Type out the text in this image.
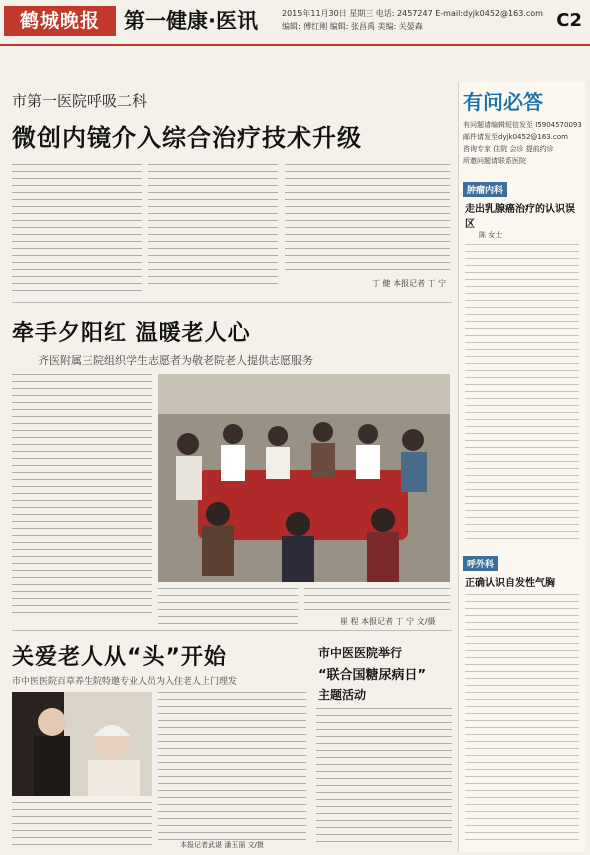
鹤城晚报	第一健康·医讯	2015年11月30日 星期三 电话: 2457247 E-mail:dyjk0452@163.com
编辑: 傅红刚 编辑: 张昌禹 美编: 关晏森	C2
市第一医院呼吸二科
微创内镜介入综合治疗技术升级
丁 健 本报记者 丁 宁
牵手夕阳红 温暖老人心
齐医附属三院组织学生志愿者为敬老院老人提供志愿服务
崔 程 本报记者 丁 宁 文/摄
关爱老人从“头”开始
市中医医院百草养生院特邀专业人员为入住老人上门理发
本报记者武谌 潘玉丽 文/摄
市中医医院举行
“联合国糖尿病日”
主题活动
有问必答
有问题请编辑短信发至 I5904570093
邮件请发至dyjk0452@163.com
咨询专家 住院 会诊 提前约诊
所邀问题请联系医院
肿瘤内科
走出乳腺癌治疗的认识误区
陈 女士
呼外科
正确认识自发性气胸
